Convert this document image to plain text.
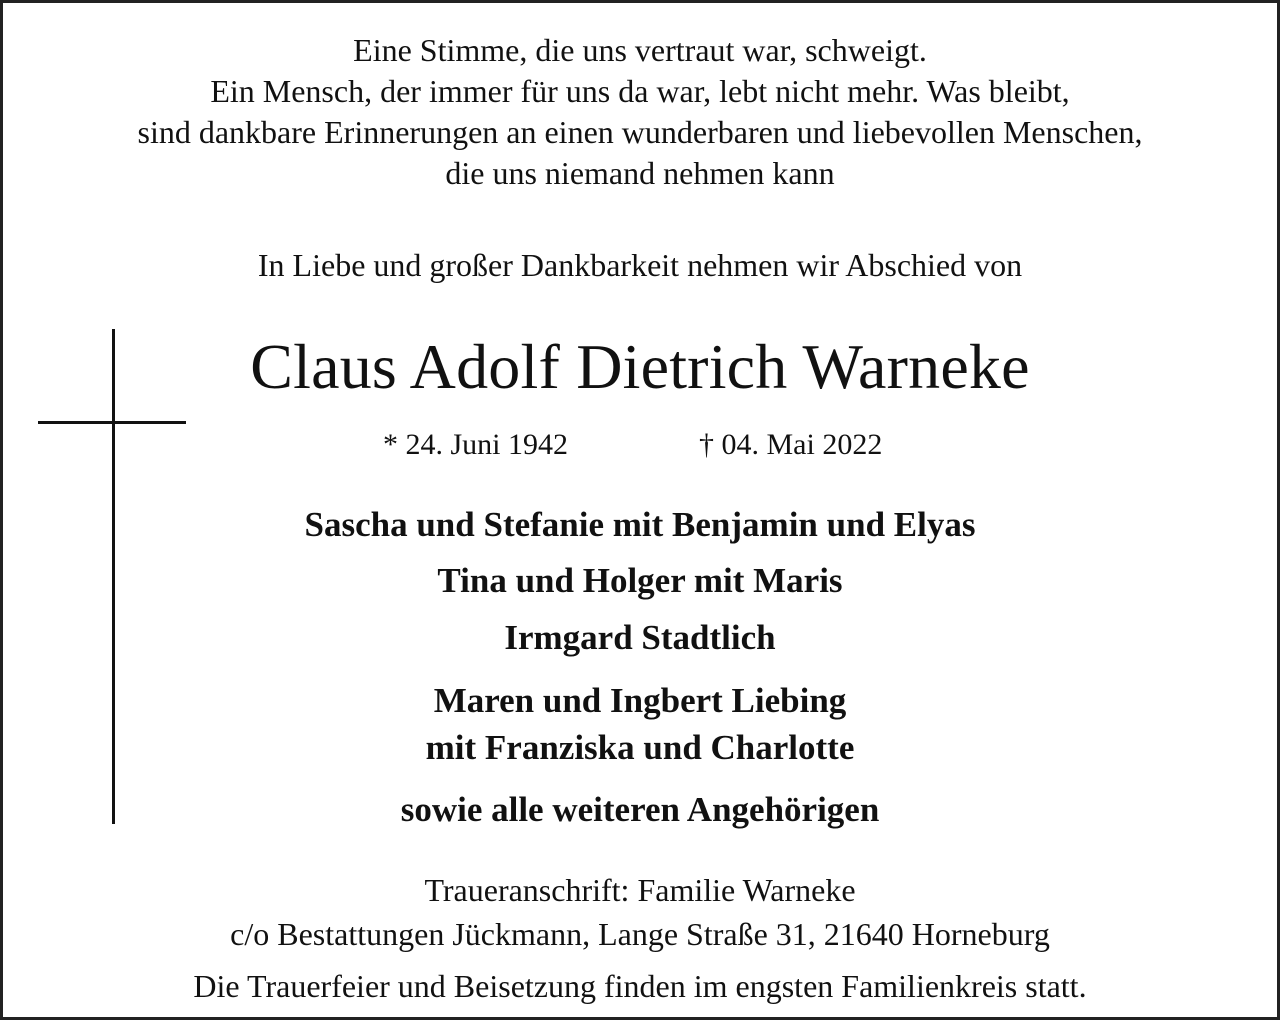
Eine Stimme, die uns vertraut war, schweigt.

Ein Mensch, der immer für uns da war, lebt nicht mehr. Was bleibt,

sind dankbare Erinnerungen an einen wunderbaren und liebevollen Menschen,

die uns niemand nehmen kann

In Liebe und großer Dankbarkeit nehmen wir Abschied von

Claus Adolf Dietrich Warneke

* 24. Juni 1942	† 04. Mai 2022

Sascha und Stefanie mit Benjamin und Elyas

Tina und Holger mit Maris

Irmgard Stadtlich

Maren und Ingbert Liebing

mit Franziska und Charlotte

sowie alle weiteren Angehörigen

Traueranschrift: Familie Warneke

c/o Bestattungen Jückmann, Lange Straße 31, 21640 Horneburg

Die Trauerfeier und Beisetzung finden im engsten Familienkreis statt.
